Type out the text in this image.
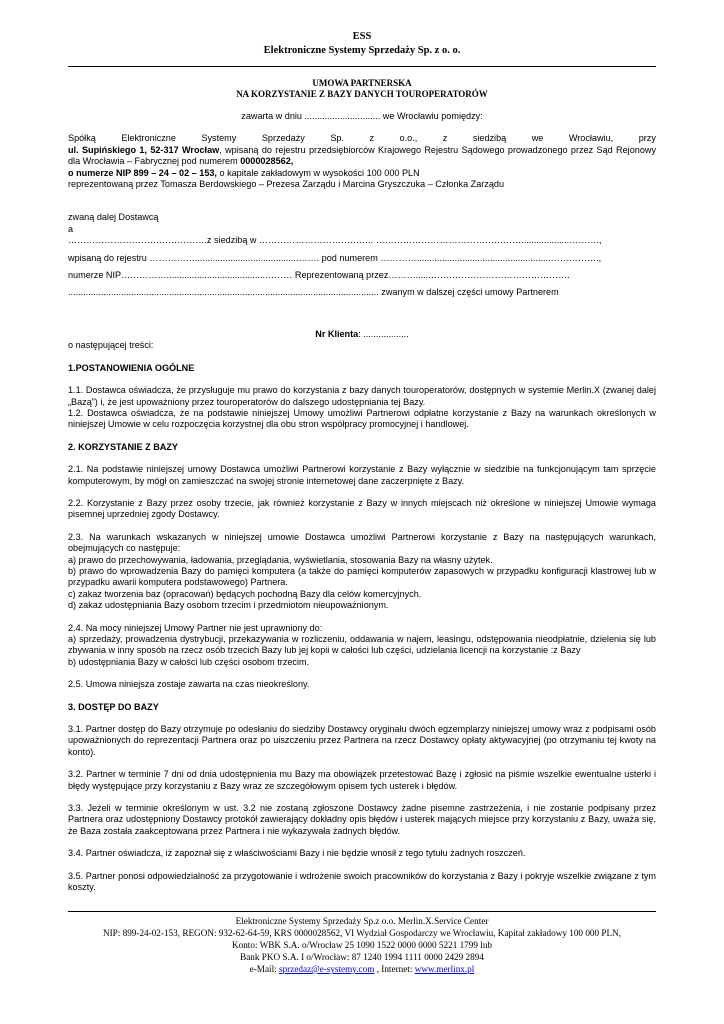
ESS
Elektroniczne Systemy Sprzedaży Sp. z o. o.
UMOWA PARTNERSKA
NA KORZYSTANIE Z BAZY DANYCH TOUROPERATORÓW

zawarta w dniu .............................. we Wrocławiu pomiędzy:

Spółką	Elektroniczne	Systemy	Sprzedaży	Sp.	z	o.o.,	z	siedzibą	we	Wrocławiu,	przy

ul. Supińskiego 1, 52-317 Wrocław, wpisaną do rejestru przedsiębiorców Krajowego Rejestru Sądowego prowadzonego przez Sąd Rejonowy dla Wrocławia – Fabrycznej pod numerem 0000028562,

o numerze NIP 899 – 24 – 02 – 153, o kapitale zakładowym w wysokości 100 000 PLN

reprezentowaną przez Tomasza Berdowskiego – Prezesa Zarządu i Marcina Gryszczuka – Członka Zarządu

zwaną dalej Dostawcą

a

……………………………………….z siedzibą w ……………………………….. …………………………………………...................……….,

wpisaną do rejestru …………….........................................……. pod numerem ………….....................................................…………….,

numerze NIP…………….......................................……… Reprezentowaną przez………......……………………………………….

........................................................................................................................... zwanym w dalszej części umowy Partnerem

Nr Klienta: ..................

o następującej treści:

1.POSTANOWIENIA OGÓLNE

1.1. Dostawca oświadcza, że przysługuje mu prawo do korzystania z bazy danych touroperatorów, dostępnych w systemie Merlin.X (zwanej dalej „Bazą”) i, że jest upoważniony przez touroperatorów do dalszego udostępniania tej Bazy.

1.2. Dostawca oświadcza, że na podstawie niniejszej Umowy umożliwi Partnerowi odpłatne korzystanie z Bazy na warunkach określonych w niniejszej Umowie w celu rozpoczęcia korzystnej dla obu stron współpracy promocyjnej i handlowej.

2. KORZYSTANIE Z BAZY

2.1. Na podstawie niniejszej umowy Dostawca umożliwi Partnerowi korzystanie z Bazy wyłącznie w siedzibie na funkcjonującym tam sprzęcie komputerowym, by mógł on zamieszczać na swojej stronie internetowej dane zaczerpnięte z Bazy.

2.2. Korzystanie z Bazy przez osoby trzecie, jak również korzystanie z Bazy w innych miejscach niż określone w niniejszej Umowie wymaga pisemnej uprzedniej zgody Dostawcy.

2.3. Na warunkach wskazanych w niniejszej umowie Dostawca umożliwi Partnerowi korzystanie z Bazy na następujących warunkach, obejmujących co następuje:

a) prawo do przechowywania, ładowania, przeglądania, wyświetlania, stosowania Bazy na własny użytek.

b) prawo do wprowadzenia Bazy do pamięci komputera (a także do pamięci komputerów zapasowych w przypadku konfiguracji klastrowej lub w przypadku awarii komputera podstawowego) Partnera.

c) zakaz tworzenia baz (opracowań) będących pochodną Bazy dla celów komercyjnych.

d) zakaz udostępniania Bazy osobom trzecim i przedmiotom nieupoważnionym.

2.4. Na mocy niniejszej Umowy Partner nie jest uprawniony do:

a) sprzedaży, prowadzenia dystrybucji, przekazywania w rozliczeniu, oddawania w najem, leasingu, odstępowania nieodpłatnie, dzielenia się lub zbywania w inny sposób na rzecz osób trzecich Bazy lub jej kopii w całości lub części, udzielania licencji na korzystanie :z Bazy

b) udostępniania Bazy w całości lub części osobom trzecim.

2.5. Umowa niniejsza zostaje zawarta na czas nieokreślony.

3. DOSTĘP DO BAZY

3.1. Partner dostęp do Bazy otrzymuje po odesłaniu do siedziby Dostawcy oryginału dwóch egzemplarzy niniejszej umowy wraz z podpisami osób upoważnionych do reprezentacji Partnera oraz po uiszczeniu przez Partnera na rzecz Dostawcy opłaty aktywacyjnej (po otrzymaniu tej kwoty na konto).

3.2. Partner w terminie 7 dni od dnia udostępnienia mu Bazy ma obowiązek przetestować Bazę i zgłosić na piśmie wszelkie ewentualne usterki i błędy występujące przy korzystaniu z Bazy wraz ze szczegółowym opisem tych usterek i błędów.

3.3. Jeżeli w terminie określonym w ust. 3.2 nie zostaną zgłoszone Dostawcy żadne pisemne zastrzeżenia, i nie zostanie podpisany przez Partnera oraz udostępniony Dostawcy protokół zawierający dokładny opis błędów i usterek mających miejsce przy korzystaniu z Bazy, uważa się, że Baza została zaakceptowana przez Partnera i nie wykazywała żadnych błędów.

3.4. Partner oświadcza, iż zapoznał się z właściwościami Bazy i nie będzie wnosił z tego tytułu żadnych roszczeń.

3.5. Partner ponosi odpowiedzialność za przygotowanie i wdrożenie swoich pracowników do korzystania z Bazy i pokryje wszelkie związane z tym koszty.

Elektroniczne Systemy Sprzedaży Sp.z o.o. Merlin.X.Service Center
NIP: 899-24-02-153, REGON: 932-62-64-59, KRS 0000028562, VI Wydział Gospodarczy we Wrocławiu, Kapitał zakładowy 100 000 PLN,
Konto: WBK S.A. o/Wrocław 25 1090 1522 0000 0000 5221 1799 lub
Bank PKO S.A. I o/Wrocław: 87 1240 1994 1111 0000 2429 2894
e-Mail: sprzedaz@e-systemy.com , Internet: www.merlinx.pl
